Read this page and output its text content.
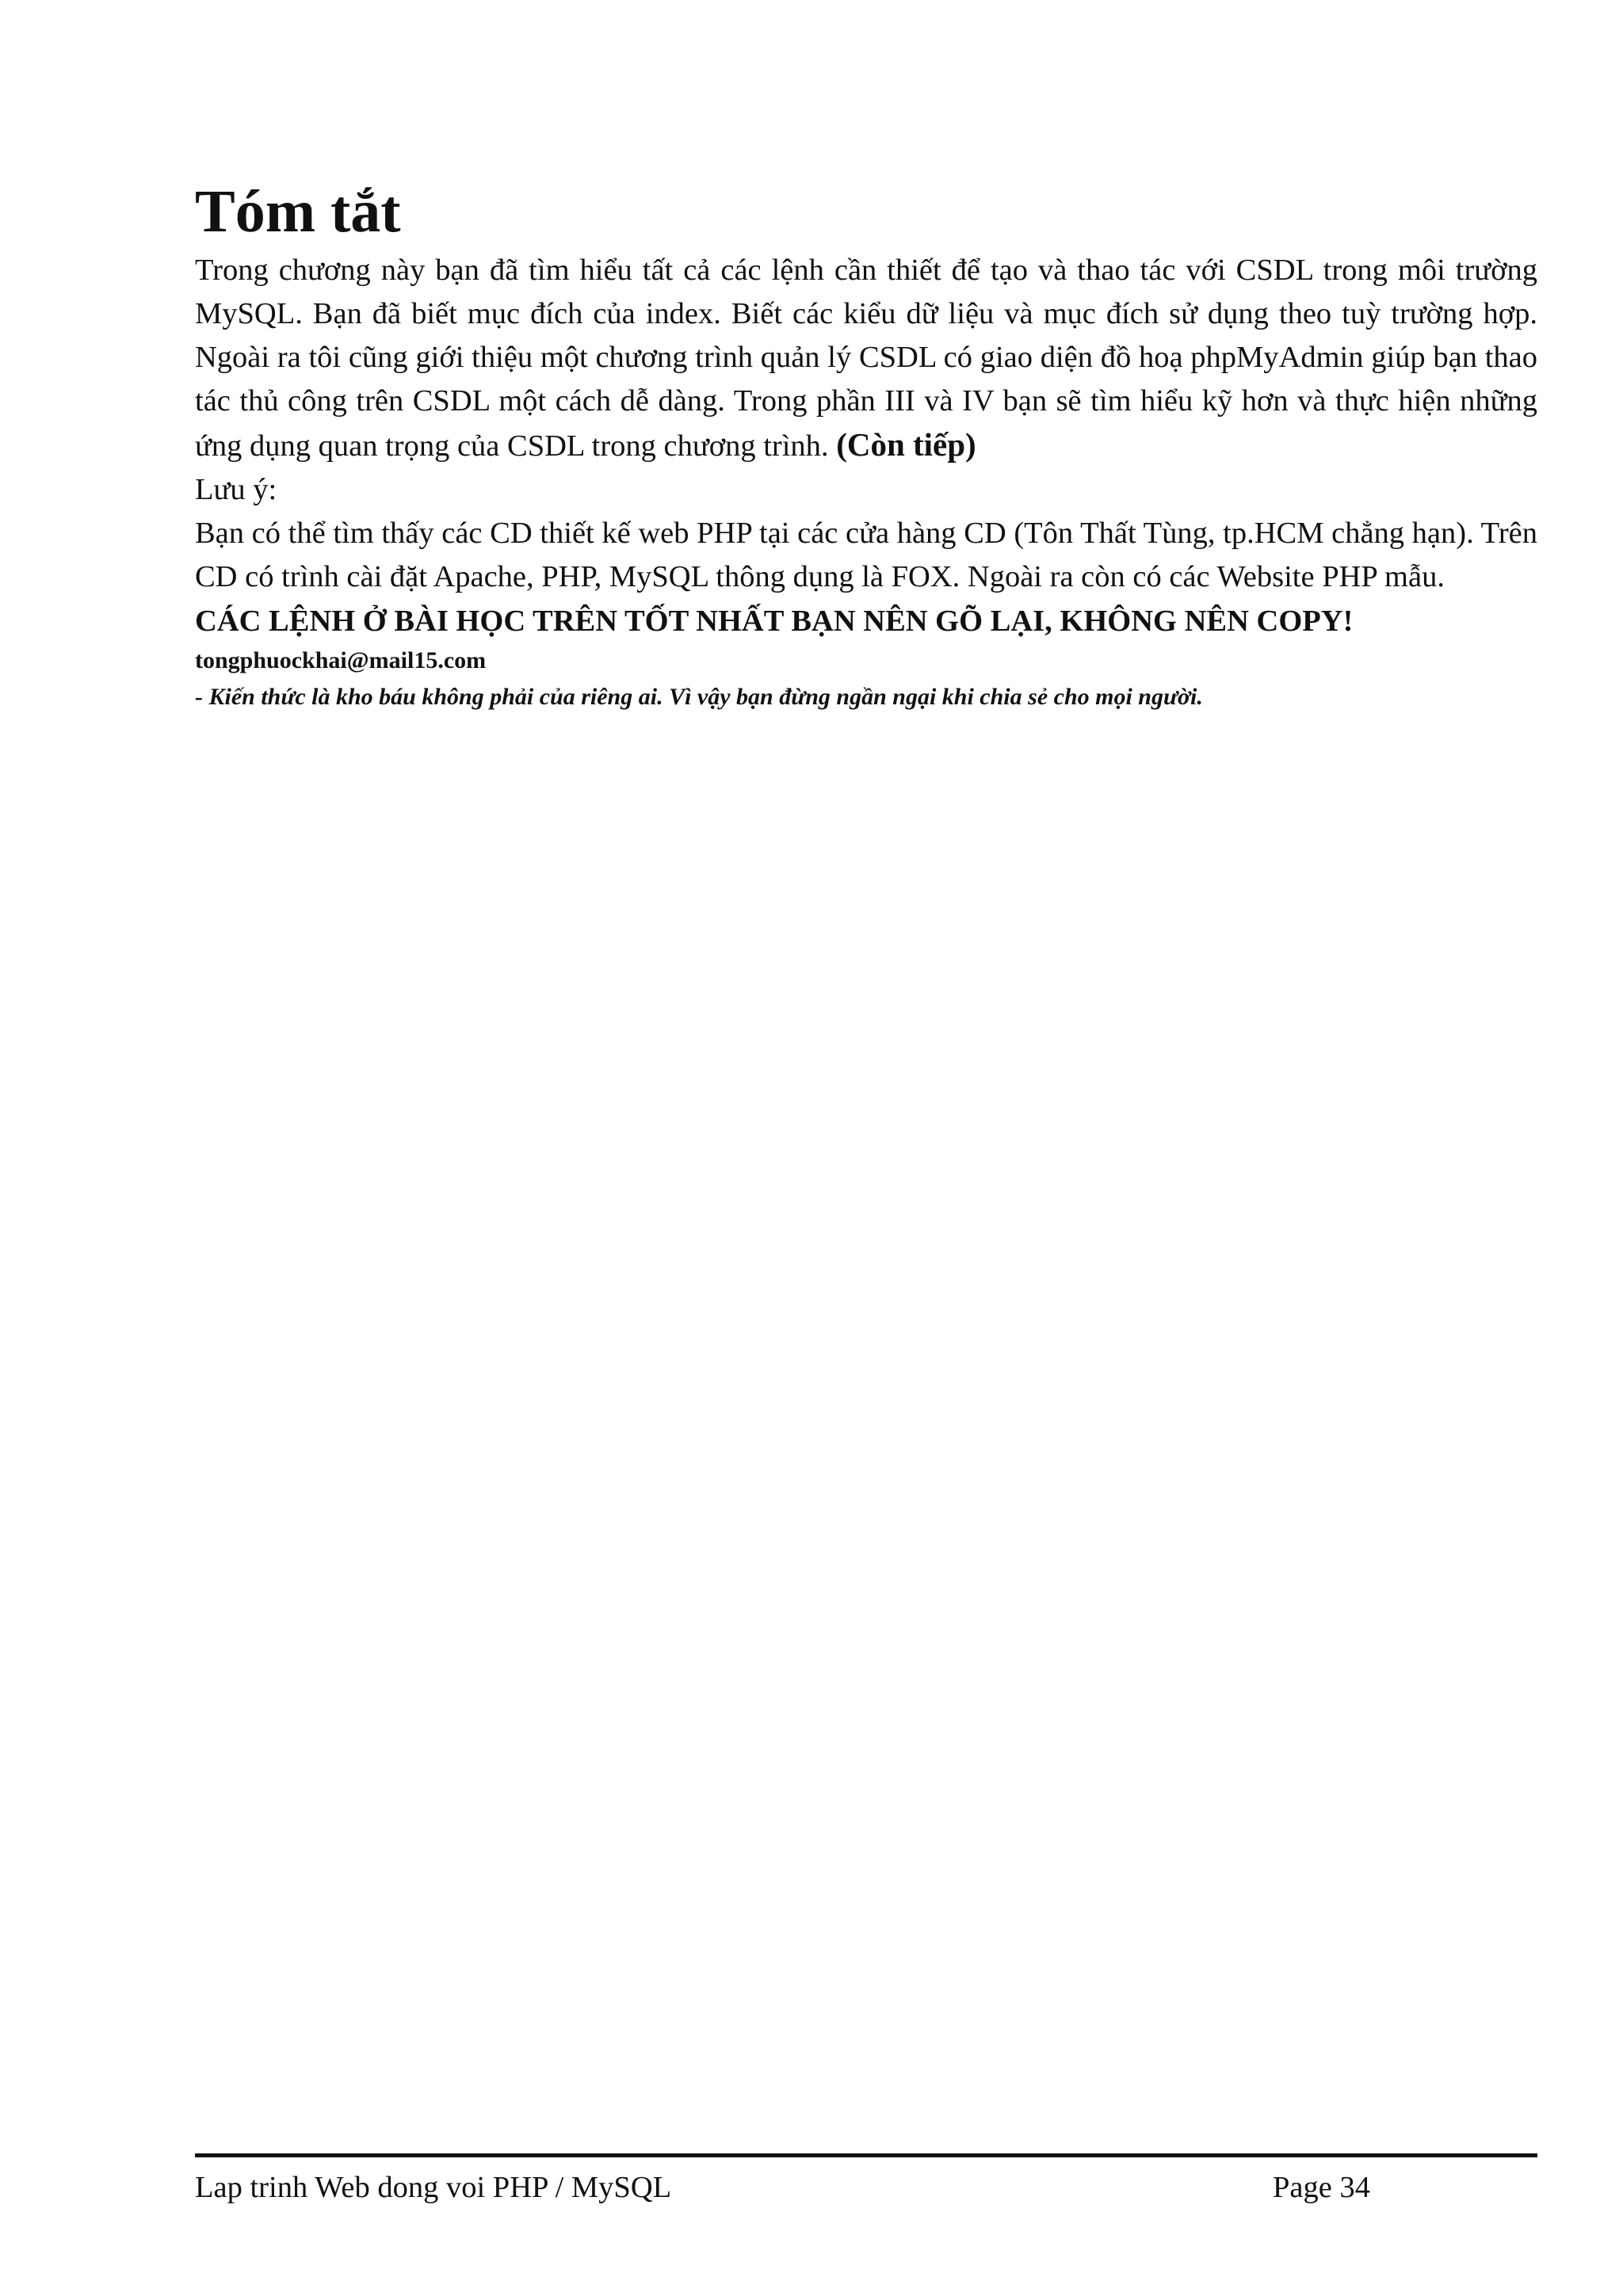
Tóm tắt

Trong chương này bạn đã tìm hiểu tất cả các lệnh cần thiết để tạo và thao tác với CSDL trong môi trường MySQL. Bạn đã biết mục đích của index. Biết các kiểu dữ liệu và mục đích sử dụng theo tuỳ trường hợp. Ngoài ra tôi cũng giới thiệu một chương trình quản lý CSDL có giao diện đồ hoạ phpMyAdmin giúp bạn thao tác thủ công trên CSDL một cách dễ dàng. Trong phần III và IV bạn sẽ tìm hiểu kỹ hơn và thực hiện những ứng dụng quan trọng của CSDL trong chương trình. (Còn tiếp)

Lưu ý:

Bạn có thể tìm thấy các CD thiết kế web PHP tại các cửa hàng CD (Tôn Thất Tùng, tp.HCM chẳng hạn). Trên CD có trình cài đặt Apache, PHP, MySQL thông dụng là FOX. Ngoài ra còn có các Website PHP mẫu.

CÁC LỆNH Ở BÀI HỌC TRÊN TỐT NHẤT BẠN NÊN GÕ LẠI, KHÔNG NÊN COPY!

tongphuockhai@mail15.com

- Kiến thức là kho báu không phải của riêng ai. Vì vậy bạn đừng ngần ngại khi chia sẻ cho mọi người.

Lap trinh Web dong voi PHP / MySQL	Page 34
